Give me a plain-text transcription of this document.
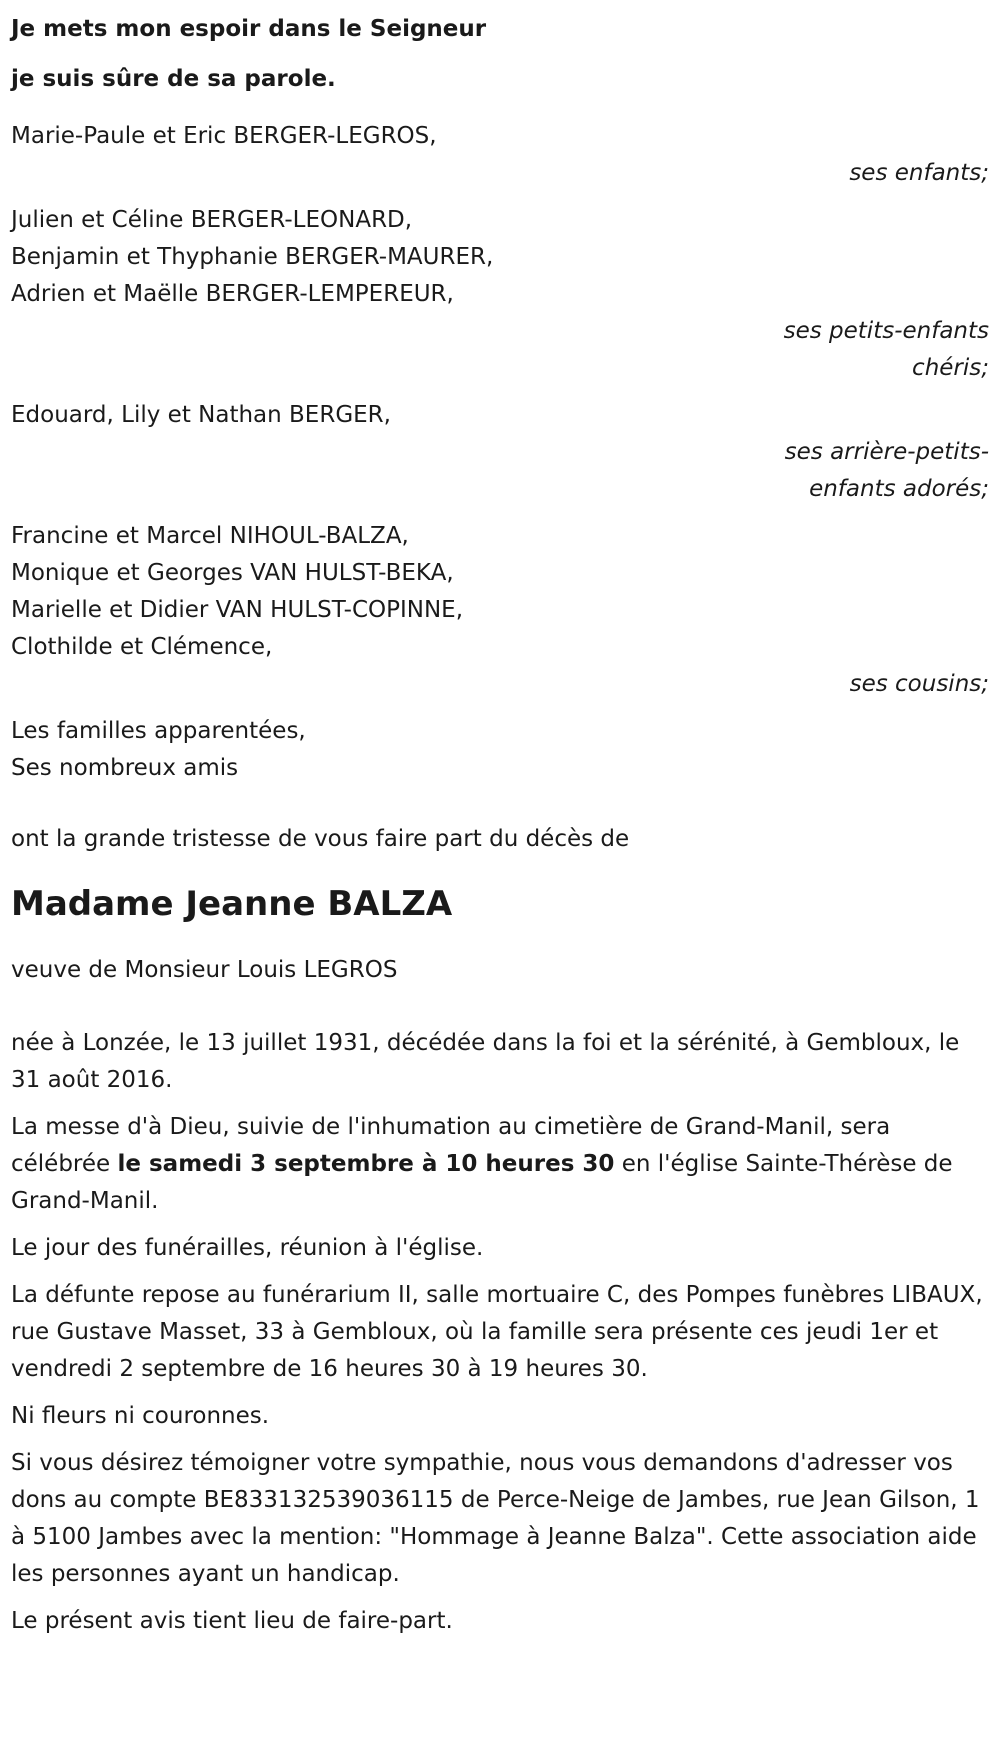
Je mets mon espoir dans le Seigneur

je suis sûre de sa parole.

Marie-Paule et Eric BERGER-LEGROS,
ses enfants;
Julien et Céline BERGER-LEONARD,
Benjamin et Thyphanie BERGER-MAURER,
Adrien et Maëlle BERGER-LEMPEREUR,
ses petits-enfants
chéris;
Edouard, Lily et Nathan BERGER,
ses arrière-petits-
enfants adorés;
Francine et Marcel NIHOUL-BALZA,
Monique et Georges VAN HULST-BEKA,
Marielle et Didier VAN HULST-COPINNE,
Clothilde et Clémence,
ses cousins;
Les familles apparentées,
Ses nombreux amis

ont la grande tristesse de vous faire part du décès de

Madame Jeanne BALZA

veuve de Monsieur Louis LEGROS

née à Lonzée, le 13 juillet 1931, décédée dans la foi et la sérénité, à Gembloux, le 31 août 2016.

La messe d'à Dieu, suivie de l'inhumation au cimetière de Grand-Manil, sera célébrée le samedi 3 septembre à 10 heures 30 en l'église Sainte-Thérèse de Grand-Manil.

Le jour des funérailles, réunion à l'église.

La défunte repose au funérarium II, salle mortuaire C, des Pompes funèbres LIBAUX, rue Gustave Masset, 33 à Gembloux, où la famille sera présente ces jeudi 1er et vendredi 2 septembre de 16 heures 30 à 19 heures 30.

Ni fleurs ni couronnes.

Si vous désirez témoigner votre sympathie, nous vous demandons d'adresser vos dons au compte BE833132539036115 de Perce-Neige de Jambes, rue Jean Gilson, 1 à 5100 Jambes avec la mention: "Hommage à Jeanne Balza". Cette association aide les personnes ayant un handicap.

Le présent avis tient lieu de faire-part.
